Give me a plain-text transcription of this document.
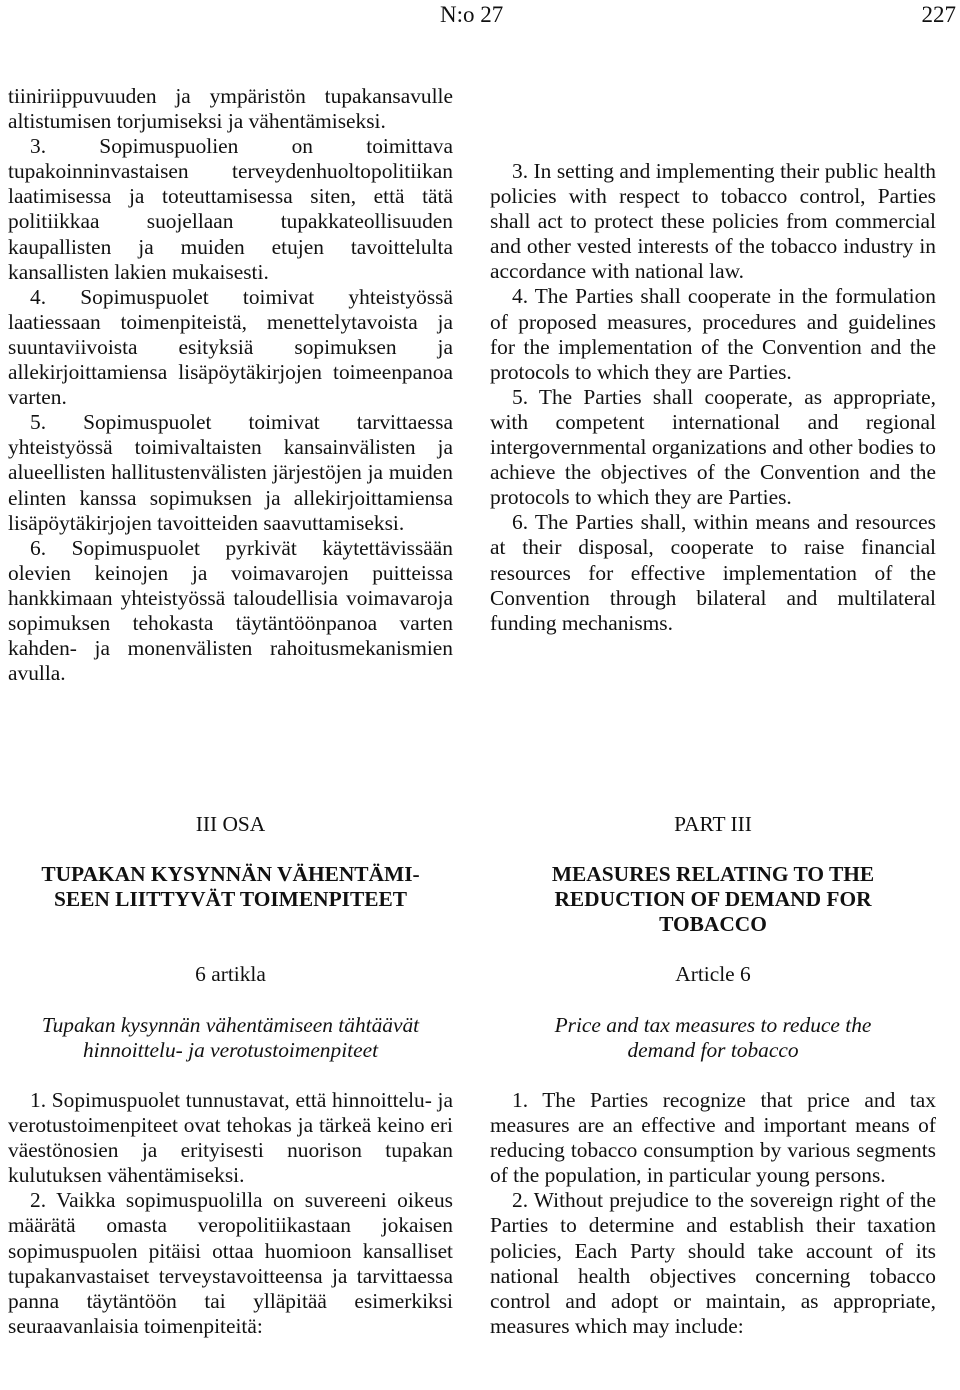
N:o 27	227

tiiniriippuvuuden ja ympäristön tupakansavulle altistumisen torjumiseksi ja vähentämiseksi.

3. Sopimuspuolien on toimittava tupakoinninvastaisen terveydenhuoltopolitiikan laatimisessa ja toteuttamisessa siten, että tätä politiikkaa suojellaan tupakkateollisuuden kaupallisten ja muiden etujen tavoittelulta kansallisten lakien mukaisesti.

4. Sopimuspuolet toimivat yhteistyössä laatiessaan toimenpiteistä, menettelytavoista ja suuntaviivoista esityksiä sopimuksen ja allekirjoittamiensa lisäpöytäkirjojen toimeenpanoa varten.

5. Sopimuspuolet toimivat tarvittaessa yhteistyössä toimivaltaisten kansainvälisten ja alueellisten hallitustenvälisten järjestöjen ja muiden elinten kanssa sopimuksen ja allekirjoittamiensa lisäpöytäkirjojen tavoitteiden saavuttamiseksi.

6. Sopimuspuolet pyrkivät käytettävissään olevien keinojen ja voimavarojen puitteissa hankkimaan yhteistyössä taloudellisia voimavaroja sopimuksen tehokasta täytäntöönpanoa varten kahden- ja monenvälisten rahoitusmekanismien avulla.

3. In setting and implementing their public health policies with respect to tobacco control, Parties shall act to protect these policies from commercial and other vested interests of the tobacco industry in accordance with national law.

4. The Parties shall cooperate in the formulation of proposed measures, procedures and guidelines for the implementation of the Convention and the protocols to which they are Parties.

5. The Parties shall cooperate, as appropriate, with competent international and regional intergovernmental organizations and other bodies to achieve the objectives of the Convention and the protocols to which they are Parties.

6. The Parties shall, within means and resources at their disposal, cooperate to raise financial resources for effective implementation of the Convention through bilateral and multilateral funding mechanisms.

III OSA	PART III
TUPAKAN KYSYNNÄN VÄHENTÄMI-
SEEN LIITTYVÄT TOIMENPITEET
MEASURES RELATING TO THE
REDUCTION OF DEMAND FOR
TOBACCO
6 artikla	Article 6
Tupakan kysynnän vähentämiseen tähtäävät
hinnoittelu- ja verotustoimenpiteet
Price and tax measures to reduce the
demand for tobacco

1. Sopimuspuolet tunnustavat, että hinnoittelu- ja verotustoimenpiteet ovat tehokas ja tärkeä keino eri väestönosien ja erityisesti nuorison tupakan kulutuksen vähentämiseksi.

2. Vaikka sopimuspuolilla on suvereeni oikeus määrätä omasta veropolitiikastaan jokaisen sopimuspuolen pitäisi ottaa huomioon kansalliset tupakanvastaiset terveystavoitteensa ja tarvittaessa panna täytäntöön tai ylläpitää esimerkiksi seuraavanlaisia toimenpiteitä:

1. The Parties recognize that price and tax measures are an effective and important means of reducing tobacco consumption by various segments of the population, in particular young persons.

2. Without prejudice to the sovereign right of the Parties to determine and establish their taxation policies, Each Party should take account of its national health objectives concerning tobacco control and adopt or maintain, as appropriate, measures which may include:
